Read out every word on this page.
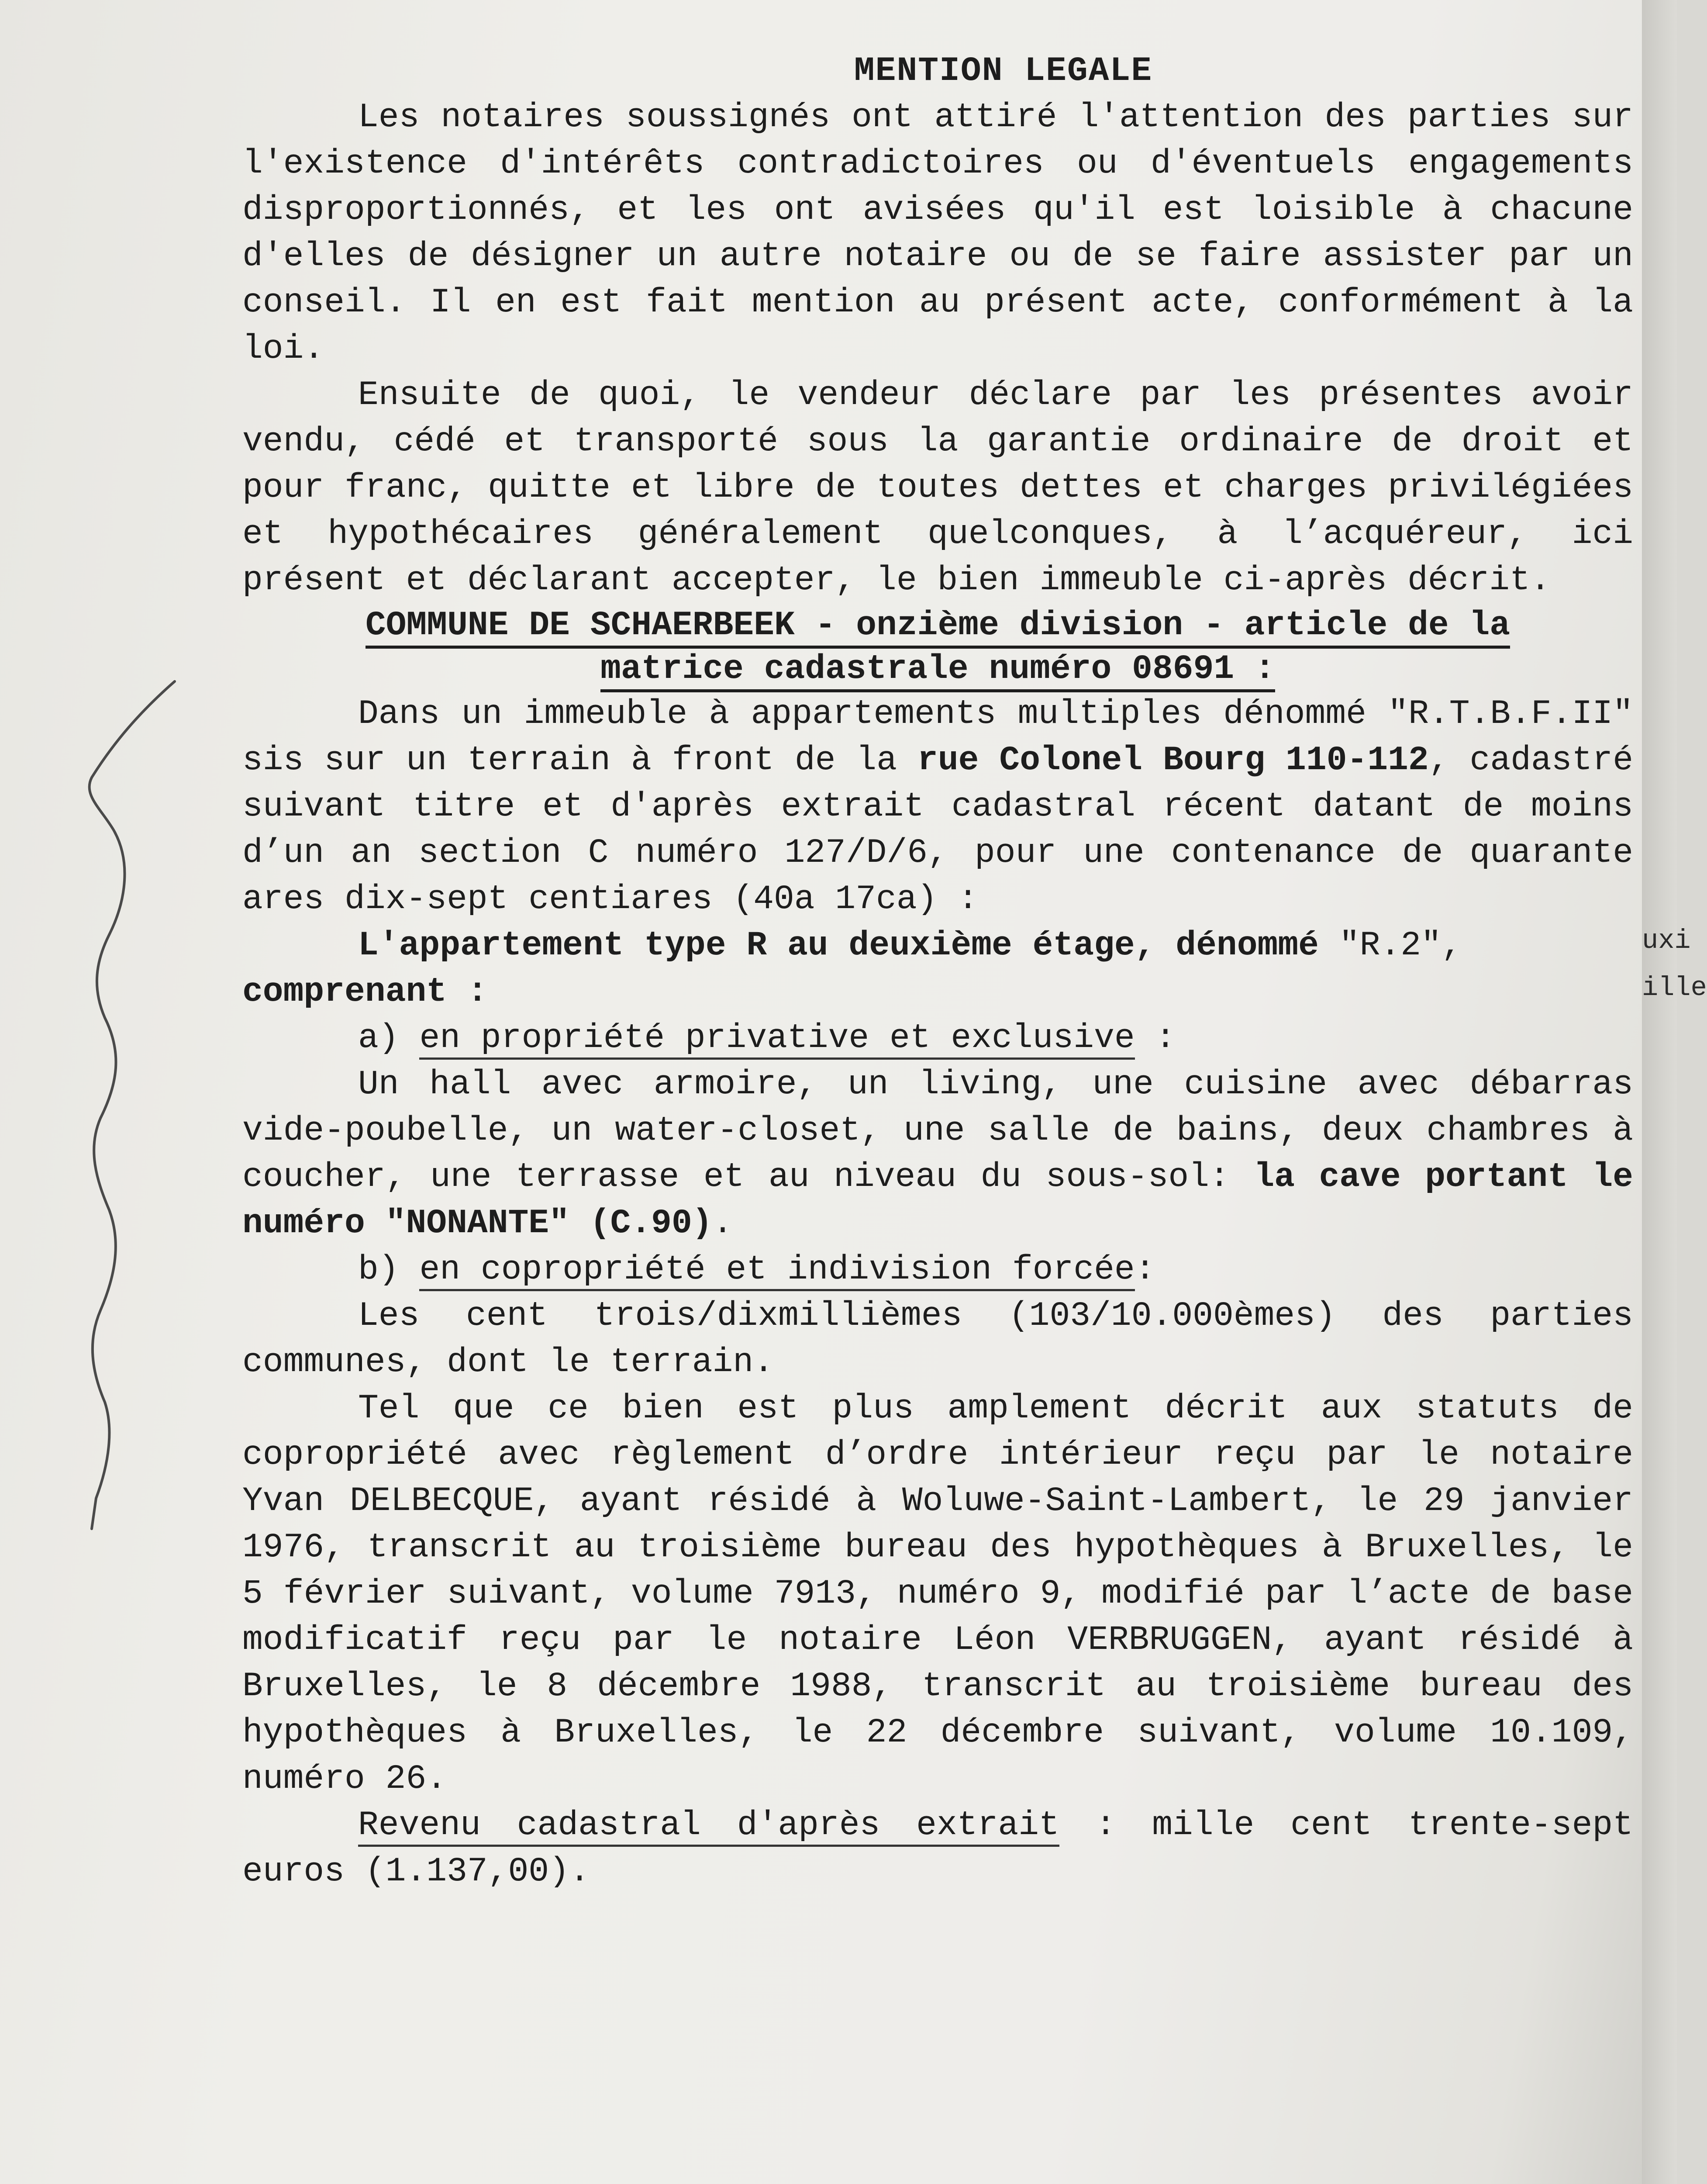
uxi
ille

MENTION LEGALE

Les notaires soussignés ont attiré l'attention des parties sur l'existence d'intérêts contradictoires ou d'éventuels engagements disproportionnés, et les ont avisées qu'il est loisible à chacune d'elles de désigner un autre notaire ou de se faire assister par un conseil. Il en est fait mention au présent acte, conformément à la loi.

Ensuite de quoi, le vendeur déclare par les présentes avoir vendu, cédé et transporté sous la garantie ordinaire de droit et pour franc, quitte et libre de toutes dettes et charges privilégiées et hypothécaires généralement quelconques, à l’acquéreur, ici présent et déclarant accepter, le bien immeuble ci-après décrit.

COMMUNE DE SCHAERBEEK - onzième division - article de la
matrice cadastrale numéro 08691 :

Dans un immeuble à appartements multiples dénommé "R.T.B.F.II" sis sur un terrain à front de la rue Colonel Bourg 110-112, cadastré suivant titre et d'après extrait cadastral récent datant de moins d’un an section C numéro 127/D/6, pour une contenance de quarante ares dix-sept centiares (40a 17ca) :

L'appartement type R au deuxième étage, dénommé "R.2",
comprenant :

a) en propriété privative et exclusive :

Un hall avec armoire, un living, une cuisine avec débarras vide-poubelle, un water-closet, une salle de bains, deux chambres à coucher, une terrasse et au niveau du sous-sol: la cave portant le numéro "NONANTE" (C.90).

b) en copropriété et indivision forcée:

Les cent trois/dixmillièmes (103/10.000èmes) des parties communes, dont le terrain.

Tel que ce bien est plus amplement décrit aux statuts de copropriété avec règlement d’ordre intérieur reçu par le notaire Yvan DELBECQUE, ayant résidé à Woluwe-Saint-Lambert, le 29 janvier 1976, transcrit au troisième bureau des hypothèques à Bruxelles, le 5 février suivant, volume 7913, numéro 9, modifié par l’acte de base modificatif reçu par le notaire Léon VERBRUGGEN, ayant résidé à Bruxelles, le 8 décembre 1988, transcrit au troisième bureau des hypothèques à Bruxelles, le 22 décembre suivant, volume 10.109, numéro 26.

Revenu cadastral d'après extrait : mille cent trente-sept euros (1.137,00).
